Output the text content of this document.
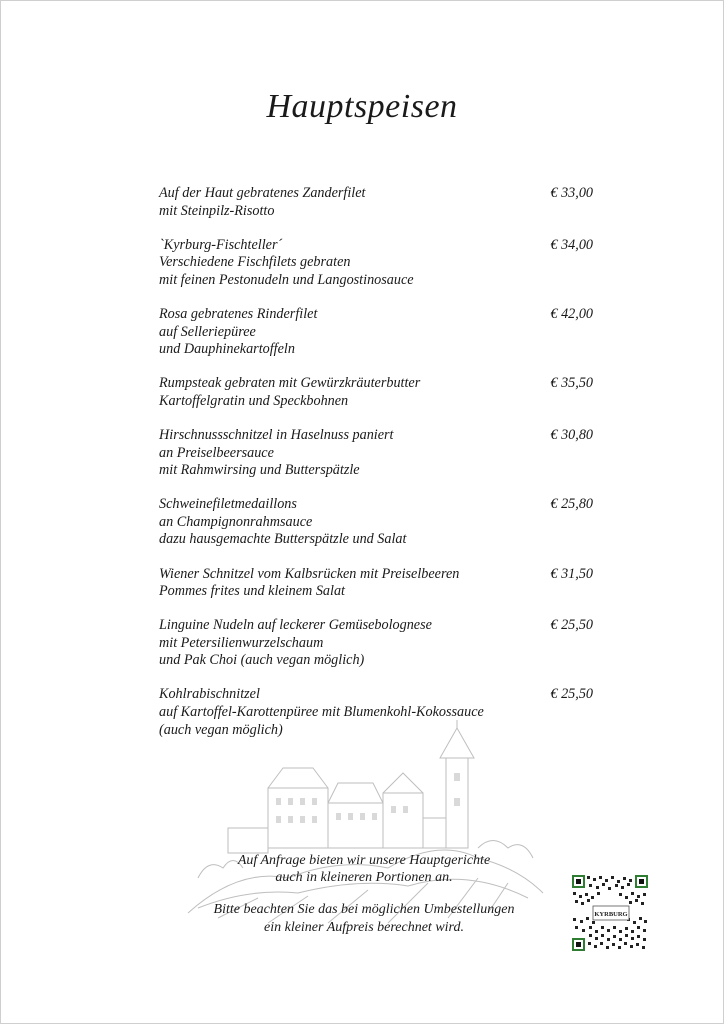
Hauptspeisen
€ 33,00
Auf der Haut gebratenes Zanderfilet
mit Steinpilz-Risotto
€ 34,00
`Kyrburg-Fischteller´
Verschiedene Fischfilets gebraten
mit feinen Pestonudeln und Langostinosauce
€ 42,00
Rosa gebratenes Rinderfilet
auf Selleriepüree
und Dauphinekartoffeln
€ 35,50
Rumpsteak gebraten mit Gewürzkräuterbutter
Kartoffelgratin und Speckbohnen
€ 30,80
Hirschnussschnitzel in Haselnuss paniert
an Preiselbeersauce
mit Rahmwirsing und Butterspätzle
€ 25,80
Schweinefiletmedaillons
an Champignonrahmsauce
dazu hausgemachte Butterspätzle und Salat
€ 31,50
Wiener Schnitzel vom Kalbsrücken mit Preiselbeeren
Pommes frites und kleinem Salat
€ 25,50
Linguine Nudeln auf leckerer Gemüsebolognese
mit Petersilienwurzelschaum
und Pak Choi (auch vegan möglich)
€ 25,50
Kohlrabischnitzel
auf Kartoffel-Karottenpüree mit Blumenkohl-Kokossauce
(auch vegan möglich)

Auf Anfrage bieten wir unsere Hauptgerichte
auch in kleineren Portionen an.

Bitte beachten Sie das bei möglichen Umbestellungen
ein kleiner Aufpreis berechnet wird.

KYRBURG
